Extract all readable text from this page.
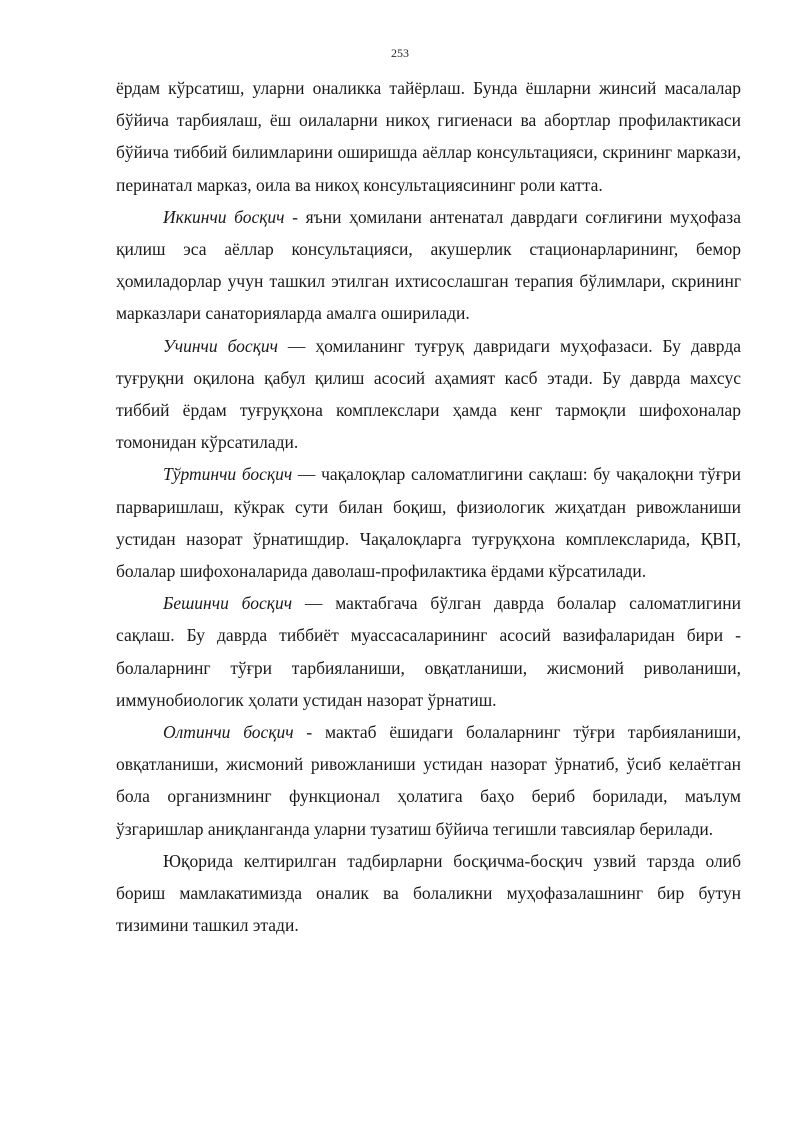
253

ёрдам кўрсатиш, уларни оналикка тайёрлаш. Бунда ёшларни жинсий масалалар бўйича тарбиялаш, ёш оилаларни никоҳ гигиенаси ва абортлар профилактикаси бўйича тиббий билимларини оширишда аёллар консультацияси, скрининг маркази, перинатал марказ, оила ва никоҳ консультациясининг роли катта.

Иккинчи босқич - яъни ҳомилани антенатал даврдаги соғлиғини муҳофаза қилиш эса аёллар консультацияси, акушерлик стационарларининг, бемор ҳомиладорлар учун ташкил этилган ихтисослашган терапия бўлимлари, скрининг марказлари санаторияларда амалга оширилади.

Учинчи босқич — ҳомиланинг туғруқ давридаги муҳофазаси. Бу даврда туғруқни оқилона қабул қилиш асосий аҳамият касб этади. Бу даврда махсус тиббий ёрдам туғруқхона комплекслари ҳамда кенг тармоқли шифохоналар томонидан кўрсатилади.

Тўртинчи босқич — чақалоқлар саломатлигини сақлаш: бу чақалоқни тўғри парваришлаш, кўкрак сути билан боқиш, физиологик жиҳатдан ривожланиши устидан назорат ўрнатишдир. Чақалоқларга туғруқхона комплексларида, ҚВП, болалар шифохоналарида даволаш-профилактика ёрдами кўрсатилади.

Бешинчи босқич — мактабгача бўлган даврда болалар саломатлигини сақлаш. Бу даврда тиббиёт муассасаларининг асосий вазифаларидан бири - болаларнинг тўғри тарбияланиши, овқатланиши, жисмоний риволаниши, иммунобиологик ҳолати устидан назорат ўрнатиш.

Олтинчи босқич - мактаб ёшидаги болаларнинг тўғри тарбияланиши, овқатланиши, жисмоний ривожланиши устидан назорат ўрнатиб, ўсиб келаётган бола организмнинг функционал ҳолатига баҳо бериб борилади, маълум ўзгаришлар аниқланганда уларни тузатиш бўйича тегишли тавсиялар берилади.

Юқорида келтирилган тадбирларни босқичма-босқич узвий тарзда олиб бориш мамлакатимизда оналик ва болаликни муҳофазалашнинг бир бутун тизимини ташкил этади.
